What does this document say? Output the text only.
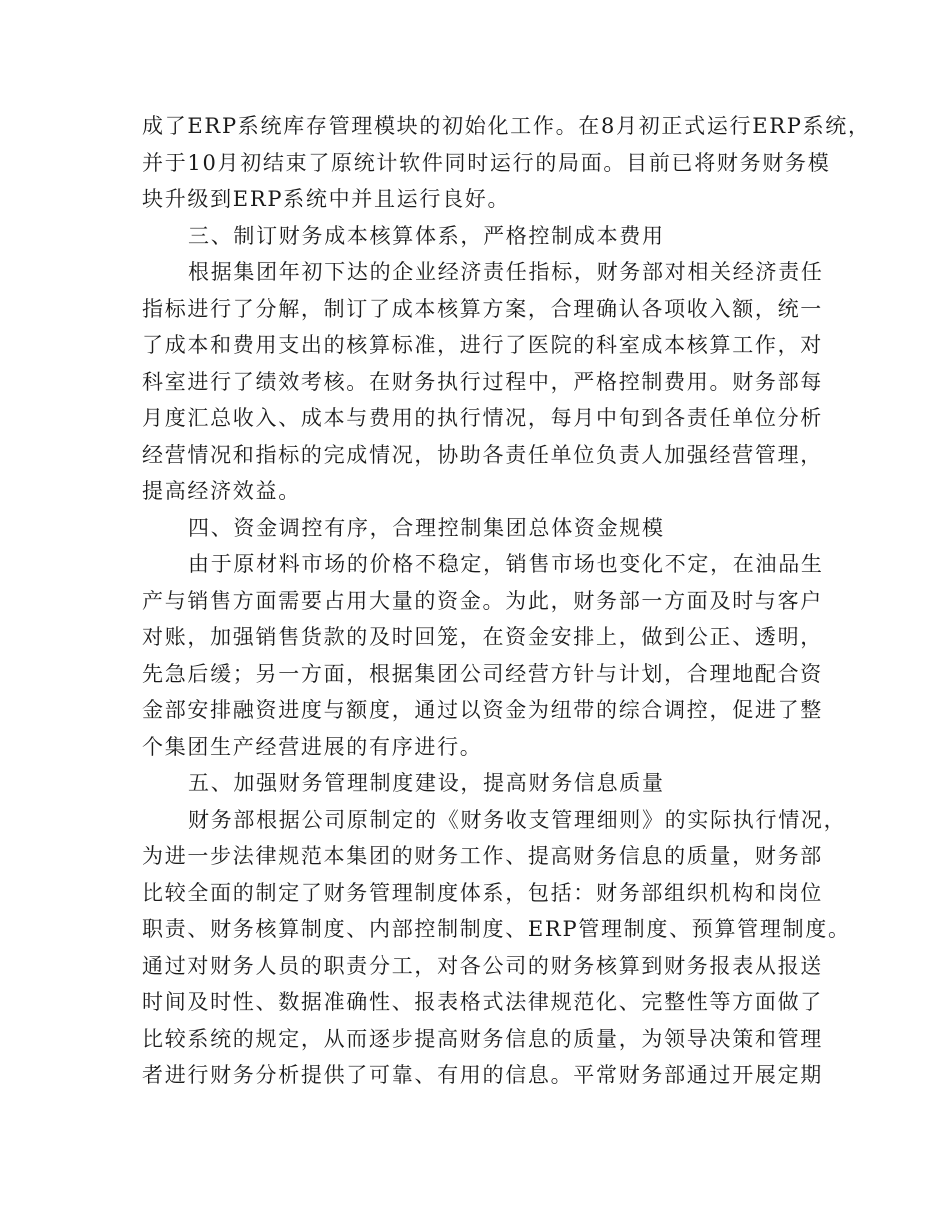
成了ERP系统库存管理模块的初始化工作。在8月初正式运行ERP系统，
并于10月初结束了原统计软件同时运行的局面。目前已将财务财务模
块升级到ERP系统中并且运行良好。
三、制订财务成本核算体系，严格控制成本费用
根据集团年初下达的企业经济责任指标，财务部对相关经济责任
指标进行了分解，制订了成本核算方案，合理确认各项收入额，统一
了成本和费用支出的核算标准，进行了医院的科室成本核算工作，对
科室进行了绩效考核。在财务执行过程中，严格控制费用。财务部每
月度汇总收入、成本与费用的执行情况，每月中旬到各责任单位分析
经营情况和指标的完成情况，协助各责任单位负责人加强经营管理，
提高经济效益。
四、资金调控有序，合理控制集团总体资金规模
由于原材料市场的价格不稳定，销售市场也变化不定，在油品生
产与销售方面需要占用大量的资金。为此，财务部一方面及时与客户
对账，加强销售货款的及时回笼，在资金安排上，做到公正、透明，
先急后缓；另一方面，根据集团公司经营方针与计划，合理地配合资
金部安排融资进度与额度，通过以资金为纽带的综合调控，促进了整
个集团生产经营进展的有序进行。
五、加强财务管理制度建设，提高财务信息质量
财务部根据公司原制定的《财务收支管理细则》的实际执行情况，
为进一步法律规范本集团的财务工作、提高财务信息的质量，财务部
比较全面的制定了财务管理制度体系，包括：财务部组织机构和岗位
职责、财务核算制度、内部控制制度、ERP管理制度、预算管理制度。
通过对财务人员的职责分工，对各公司的财务核算到财务报表从报送
时间及时性、数据准确性、报表格式法律规范化、完整性等方面做了
比较系统的规定，从而逐步提高财务信息的质量，为领导决策和管理
者进行财务分析提供了可靠、有用的信息。平常财务部通过开展定期
